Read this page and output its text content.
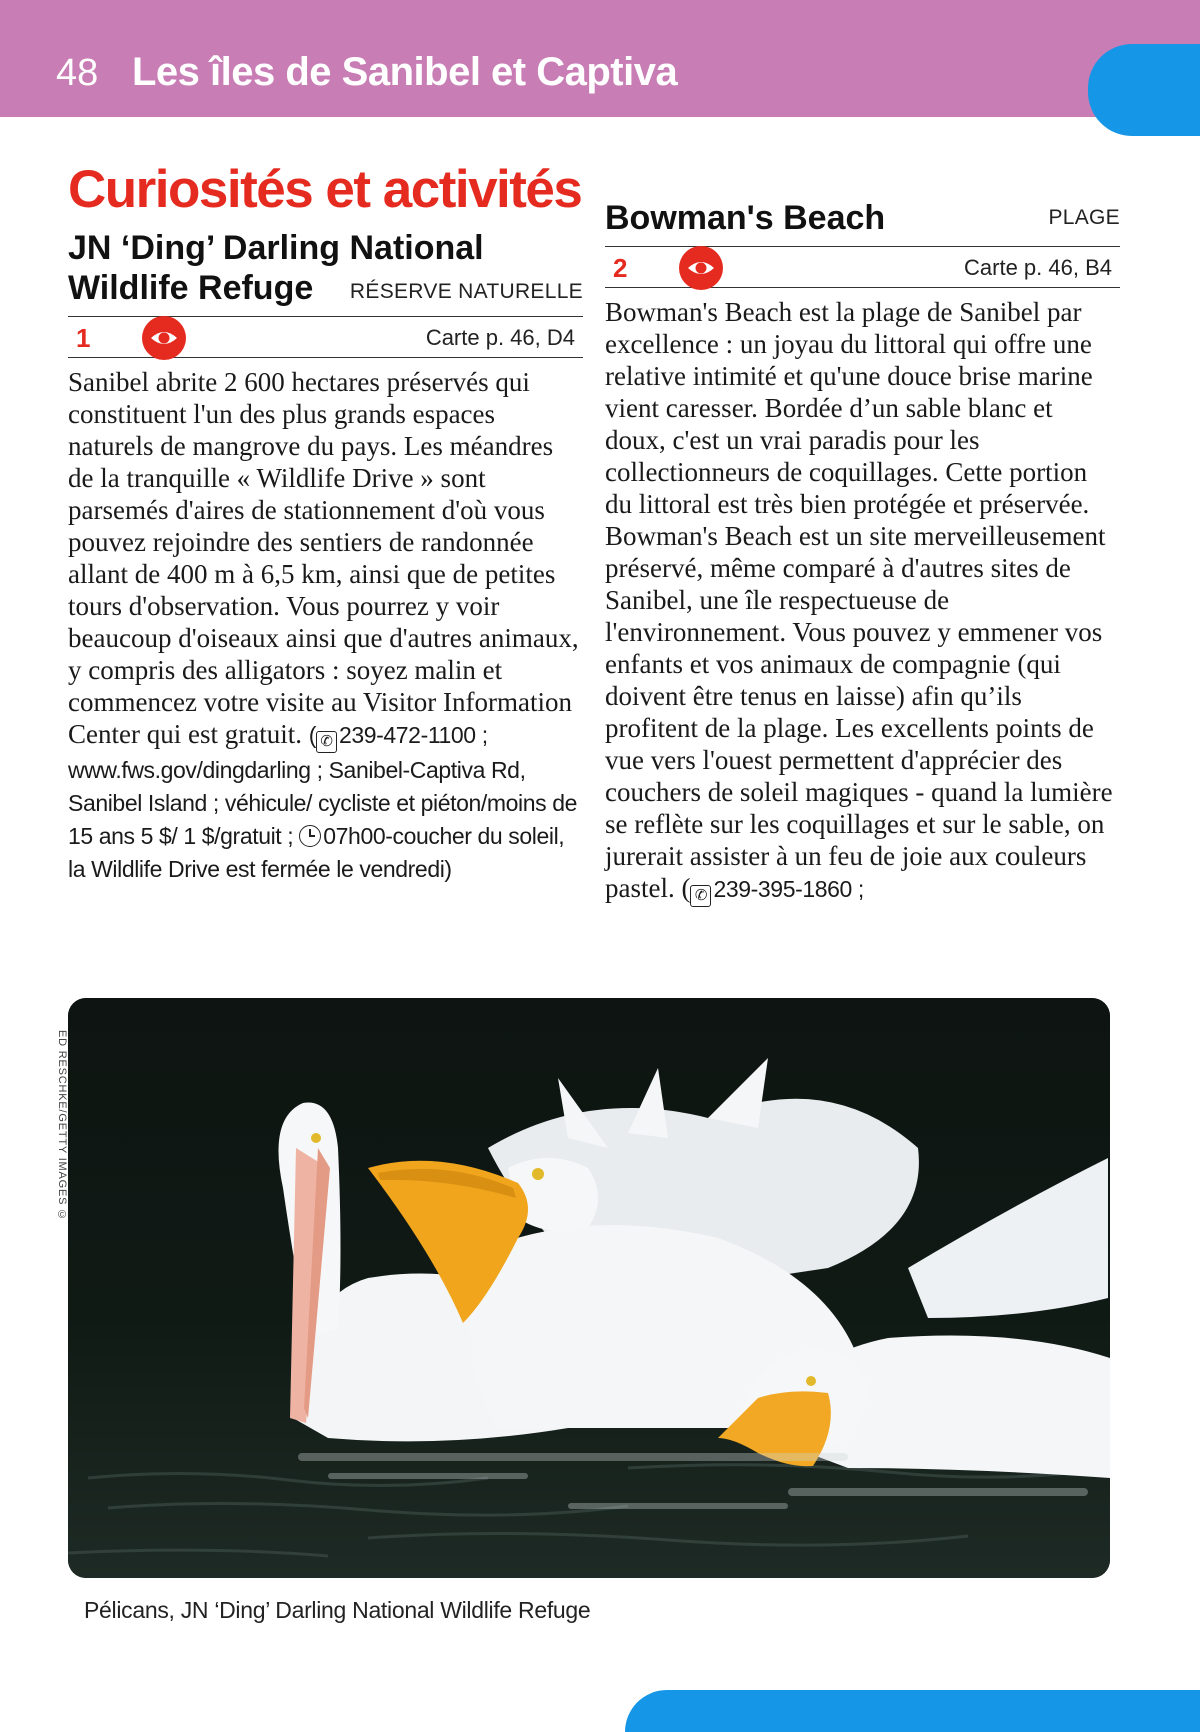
48 Les îles de Sanibel et Captiva
Curiosités et activités
JN ‘Ding’ Darling National
Wildlife Refuge	RÉSERVE NATURELLE
1	Carte p. 46, D4

Sanibel abrite 2 600 hectares préservés qui constituent l'un des plus grands espaces naturels de mangrove du pays. Les méandres de la tranquille « Wildlife Drive » sont parsemés d'aires de stationnement d'où vous pouvez rejoindre des sentiers de randonnée allant de 400 m à 6,5 km, ainsi que de petites tours d'observation. Vous pourrez y voir beaucoup d'oiseaux ainsi que d'autres animaux, y compris des alligators : soyez malin et commencez votre visite au Visitor Information Center qui est gratuit. ( ✆ 239-472-1100 ; www.fws.gov/dingdarling ; Sanibel-Captiva Rd, Sanibel Island ; véhicule/ cycliste et piéton/moins de 15 ans 5 $/ 1 $/gratuit ; 07h00-coucher du soleil, la Wildlife Drive est fermée le vendredi)

Bowman's Beach	PLAGE
2	Carte p. 46, B4

Bowman's Beach est la plage de Sanibel par excellence : un joyau du littoral qui offre une relative intimité et qu'une douce brise marine vient caresser. Bordée d’un sable blanc et doux, c'est un vrai paradis pour les collectionneurs de coquillages. Cette portion du littoral est très bien protégée et préservée. Bowman's Beach est un site merveilleusement préservé, même comparé à d'autres sites de Sanibel, une île respectueuse de l'environnement. Vous pouvez y emmener vos enfants et vos animaux de compagnie (qui doivent être tenus en laisse) afin qu’ils profitent de la plage. Les excellents points de vue vers l'ouest permettent d'apprécier des couchers de soleil magiques - quand la lumière se reflète sur les coquillages et sur le sable, on jurerait assister à un feu de joie aux couleurs pastel. ( ✆ 239-395-1860 ;

ED RESCHKE/GETTY IMAGES ©
Pélicans, JN ‘Ding’ Darling National Wildlife Refuge
